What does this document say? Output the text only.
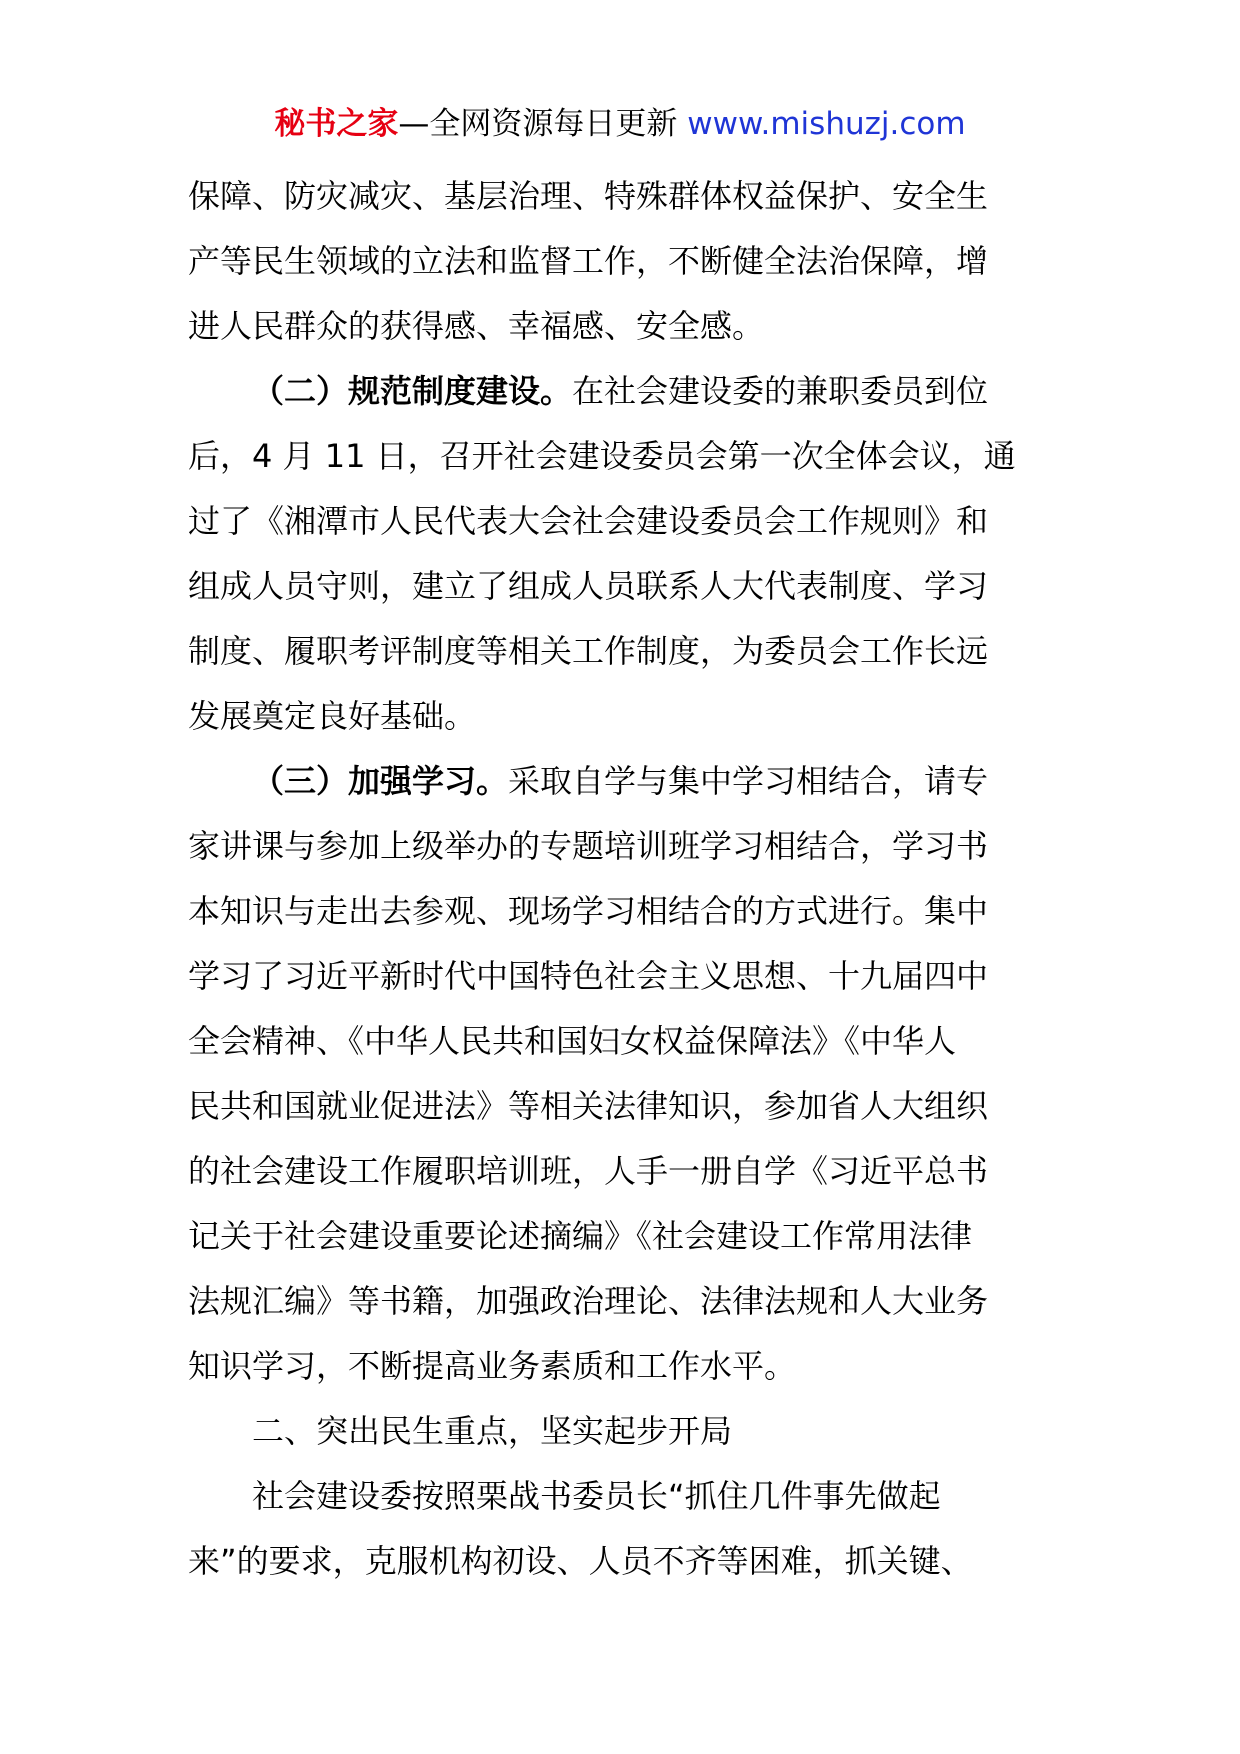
秘书之家—全网资源每日更新 www.mishuzj.com
保障、防灾减灾、基层治理、特殊群体权益保护、安全生
产等民生领域的立法和监督工作，不断健全法治保障，增
进人民群众的获得感、幸福感、安全感。
（二）规范制度建设。在社会建设委的兼职委员到位
后，4 月 11 日，召开社会建设委员会第一次全体会议，通
过了《湘潭市人民代表大会社会建设委员会工作规则》和
组成人员守则，建立了组成人员联系人大代表制度、学习
制度、履职考评制度等相关工作制度，为委员会工作长远
发展奠定良好基础。
（三）加强学习。采取自学与集中学习相结合，请专
家讲课与参加上级举办的专题培训班学习相结合，学习书
本知识与走出去参观、现场学习相结合的方式进行。集中
学习了习近平新时代中国特色社会主义思想、十九届四中
全会精神、《中华人民共和国妇女权益保障法》《中华人
民共和国就业促进法》等相关法律知识，参加省人大组织
的社会建设工作履职培训班，人手一册自学《习近平总书
记关于社会建设重要论述摘编》《社会建设工作常用法律
法规汇编》等书籍，加强政治理论、法律法规和人大业务
知识学习，不断提高业务素质和工作水平。
二、突出民生重点，坚实起步开局
社会建设委按照栗战书委员长“抓住几件事先做起
来”的要求，克服机构初设、人员不齐等困难，抓关键、
